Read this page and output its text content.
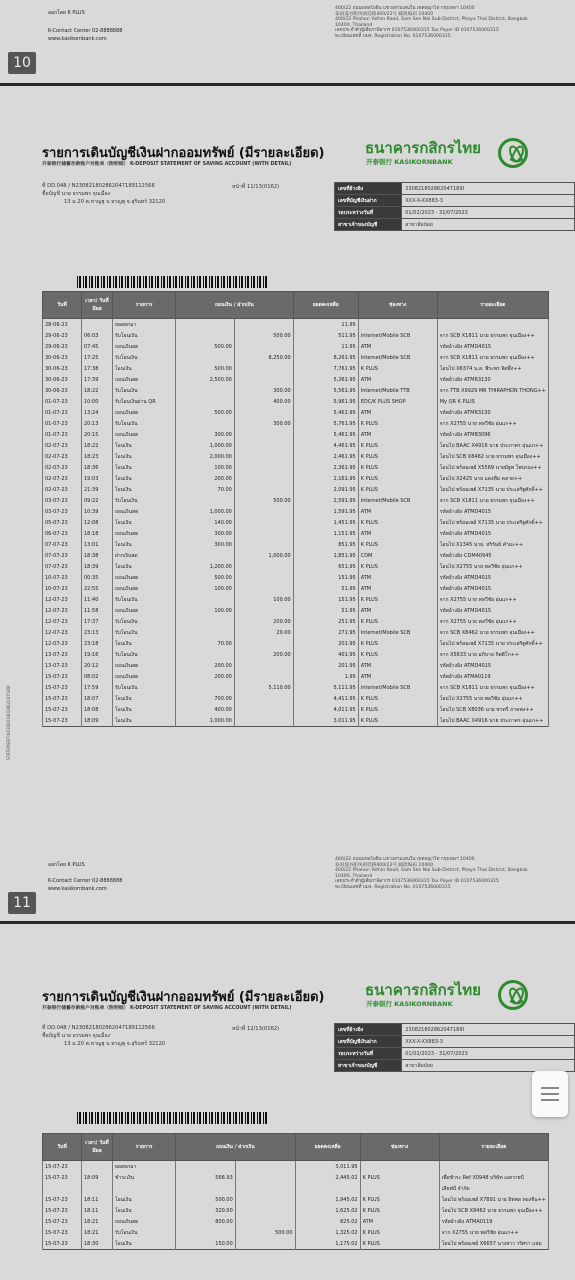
ออกโดย K PLUS
K-Contact Center 02-8888888
www.kasikornbank.com
400/22 ถนนพหลโยธิน แขวงสามเสนใน เขตพญาไท กรุงเทพฯ 10400
泰国曼谷帕凤裕廷路400/22号 邮政编码 10400
400/22 Phahon Yothin Road, Sam Sen Nai Sub-District, Phaya Thai District, Bangkok 10400, Thailand
เลขประจำตัวผู้เสียภาษีอากร 0107536000315 Tax Payer ID 0107536000315
ทะเบียนเลขที่ บมจ. Registration No. 0107536000315
10
รายการเดินบัญชีเงินฝากออมทรัพย์ (มีรายละเอียด)
开泰银行储蓄存款账户对账单（附明细） K-DEPOSIT STATEMENT OF SAVING ACCOUNT (WITH DETAIL)
ที่ DD.048 / N230821802862047189112566
ชื่อบัญชี นาย ธรรมพร จุนเมือง
13 ม.20 ต.หาญฮุ บ.หาญฮุ จ.สุรินทร์ 32120
หน้าที่ 11/13(0162)
ธนาคารกสิกรไทย
开泰银行 KASIKORNBANK
เลขที่อ้างอิง	230821802862047189I
เลขที่บัญชีเงินฝาก	XXX-X-XX883-3
รอบระหว่างวันที่	01/02/2023 - 31/07/2023
สาขาเจ้าของบัญชี	สาขาส้มป่อย
วันที่	เวลา/ วันที่มีผล	รายการ	ถอนเงิน / ฝากเงิน		ยอดคงเหลือ	ช่องทาง	รายละเอียด
28-06-23		ยอดยกมา			11.95		
29-06-23	06:03	รับโอนเงิน		500.00	511.95	Internet/Mobile SCB	จาก SCB X1811 นาย ธรรมพร จุนเมือง++
29-06-23	07:45	ถอนเงินสด	500.00		11.95	ATM	รหัสอ้างอิง ATMD4015
30-06-23	17:25	รับโอนเงิน		8,250.00	8,261.95	Internet/Mobile SCB	จาก SCB X1811 นาย ธรรมพร จุนเมือง++
30-06-23	17:38	โอนเงิน	500.00		7,761.95	K PLUS	โอนไป X6374 น.ส. พีระพร จิตพึ่ง++
30-06-23	17:39	ถอนเงินสด	2,500.00		5,261.95	ATM	รหัสอ้างอิง ATMR3130
30-06-23	18:22	รับโอนเงิน		300.00	5,561.95	Internet/Mobile TTB	จาก TTB X9929 MR THIRAPHON THONG++
01-07-23	10:00	รับโอนเงินผ่าน QR		400.00	5,961.95	EDC/K PLUS SHOP	My QR K PLUS
01-07-23	13:24	ถอนเงินสด	500.00		5,461.95	ATM	รหัสอ้างอิง ATMR3130
01-07-23	20:13	รับโอนเงิน		300.00	5,761.95	K PLUS	จาก X2755 นาย พลวีชัย อุ่นแก++
01-07-23	20:15	ถอนเงินสด	300.00		5,461.95	ATM	รหัสอ้างอิง ATMB3096
02-07-23	18:22	โอนเงิน	1,000.00		4,461.95	K PLUS	โอนไป BAAC X4916 นาย ประภาคร อุ่นแก++
02-07-23	18:23	โอนเงิน	2,000.00		2,461.95	K PLUS	โอนไป SCB X8462 นาย ธรรมพร จุนเมือง++
02-07-23	18:36	โอนเงิน	100.00		2,361.95	K PLUS	โอนไป พร้อมเพย์ X5569 นายปัฐพ โพนรอง++
02-07-23	19:03	โอนเงิน	200.00		2,161.95	K PLUS	โอนไป X2425 นาย แดงทีม คลาย++
02-07-23	21:39	โอนเงิน	70.00		2,091.95	K PLUS	โอนไป พร้อมเพย์ X7135 นาย ประเสริฐศักดิ์++
03-07-23	09:22	รับโอนเงิน		500.00	2,591.95	Internet/Mobile SCB	จาก SCB X1811 นาย ธรรมพร จุนเมือง++
03-07-23	10:39	ถอนเงินสด	1,000.00		1,591.95	ATM	รหัสอ้างอิง ATMD4015
05-07-23	12:08	โอนเงิน	140.00		1,451.95	K PLUS	โอนไป พร้อมเพย์ X7135 นาย ประเสริฐศักดิ์++
06-07-23	18:18	ถอนเงินสด	300.00		1,151.95	ATM	รหัสอ้างอิง ATMD4015
07-07-23	13:01	โอนเงิน	300.00		851.95	K PLUS	โอนไป X1345 นาย. หริรัมย์ คำมะ++
07-07-23	18:38	ฝากเงินสด		1,000.00	1,851.95	CDM	รหัสอ้างอิง CDM40945
07-07-23	18:39	โอนเงิน	1,200.00		651.95	K PLUS	โอนไป X2755 นาย พลวีชัย อุ่นแก++
10-07-23	00:35	ถอนเงินสด	500.00		151.95	ATM	รหัสอ้างอิง ATMD4015
10-07-23	22:55	ถอนเงินสด	100.00		51.95	ATM	รหัสอ้างอิง ATMD4015
12-07-23	11:40	รับโอนเงิน		100.00	151.95	K PLUS	จาก X2755 นาย พลวีชัย อุ่นแก++
12-07-23	11:58	ถอนเงินสด	100.00		51.95	ATM	รหัสอ้างอิง ATMD4015
12-07-23	17:37	รับโอนเงิน		200.00	251.95	K PLUS	จาก X2755 นาย พลวีชัย อุ่นแก++
12-07-23	23:13	รับโอนเงิน		20.00	271.95	Internet/Mobile SCB	จาก SCB X8462 นาย ธรรมพร จุนเมือง++
12-07-23	23:18	โอนเงิน	70.00		201.95	K PLUS	โอนไป พร้อมเพย์ X7135 นาย ประเสริฐศักดิ์++
13-07-23	19:16	รับโอนเงิน		200.00	401.95	K PLUS	จาก X5633 นาย อภิบาล กิตติโก++
13-07-23	20:12	ถอนเงินสด	200.00		201.95	ATM	รหัสอ้างอิง ATMD4015
15-07-23	08:02	ถอนเงินสด	200.00		1.95	ATM	รหัสอ้างอิง ATMA0119
15-07-23	17:59	รับโอนเงิน		5,110.00	5,111.95	Internet/Mobile SCB	จาก SCB X1811 นาย ธรรมพร จุนเมือง++
15-07-23	18:07	โอนเงิน	700.00		4,411.95	K PLUS	โอนไป X2755 นาย พลวีชัย อุ่นแก++
15-07-23	18:08	โอนเงิน	400.00		4,011.95	K PLUS	โอนไป SCB X8036 นาย ชาตรี ภาคพง++
15-07-23	18:09	โอนเงิน	1,000.00		3,011.95	K PLUS	โอนไป BAAC X4916 นาย ประภาคร อุ่นแก++
ออกโดย K PLUS
K-Contact Center 02-8888888
www.kasikornbank.com
400/22 ถนนพหลโยธิน แขวงสามเสนใน เขตพญาไท กรุงเทพฯ 10400
泰国曼谷帕凤裕廷路400/22号 邮政编码 10400
400/22 Phahon Yothin Road, Sam Sen Nai Sub-District, Phaya Thai District, Bangkok 10400, Thailand
เลขประจำตัวผู้เสียภาษีอากร 0107536000315 Tax Payer ID 0107536000315
ทะเบียนเลขที่ บมจ. Registration No. 0107536000315
11
STATEMENT-N230821802862047189I
รายการเดินบัญชีเงินฝากออมทรัพย์ (มีรายละเอียด)
开泰银行储蓄存款账户对账单（附明细） K-DEPOSIT STATEMENT OF SAVING ACCOUNT (WITH DETAIL)
ที่ DD.048 / N230821802862047189112566
ชื่อบัญชี นาย ธรรมพร จุนเมือง
13 ม.20 ต.หาญฮุ บ.หาญฮุ จ.สุรินทร์ 32120
หน้าที่ 12/13(0162)
ธนาคารกสิกรไทย
开泰银行 KASIKORNBANK
เลขที่อ้างอิง	230821802862047189I
เลขที่บัญชีเงินฝาก	XXX-X-XX883-3
รอบระหว่างวันที่	01/02/2023 - 31/07/2023
สาขาเจ้าของบัญชี	สาขาส้มป่อย
วันที่	เวลา/ วันที่มีผล	รายการ	ถอนเงิน / ฝากเงิน		ยอดคงเหลือ	ช่องทาง	รายละเอียด
15-07-23		ยอดยกมา			3,011.95		
15-07-23	18:09	ชำระเงิน	566.93		2,445.02	K PLUS	เพื่อชำระ Ref X0948 บริษัท เอสวายบี
							เลียฟป์ จำกัด
15-07-23	18:11	โอนเงิน	500.00		1,945.02	K PLUS	โอนไป พร้อมเพย์ X7891 นาย อิทพล ทองจีน++
15-07-23	18:11	โอนเงิน	320.00		1,625.02	K PLUS	โอนไป SCB X8462 นาย ธรรมพร จุนเมือง++
15-07-23	18:21	ถอนเงินสด	800.00		825.02	ATM	รหัสอ้างอิง ATMA0119
15-07-23	18:21	รับโอนเงิน		500.00	1,325.02	K PLUS	จาก X2755 นาย พลวีชัย อุ่นแก++
15-07-23	18:30	โอนเงิน	150.00		1,175.02	K PLUS	โอนไป พร้อมเพย์ X6657 นางสาว วริศรา แจ่ม
